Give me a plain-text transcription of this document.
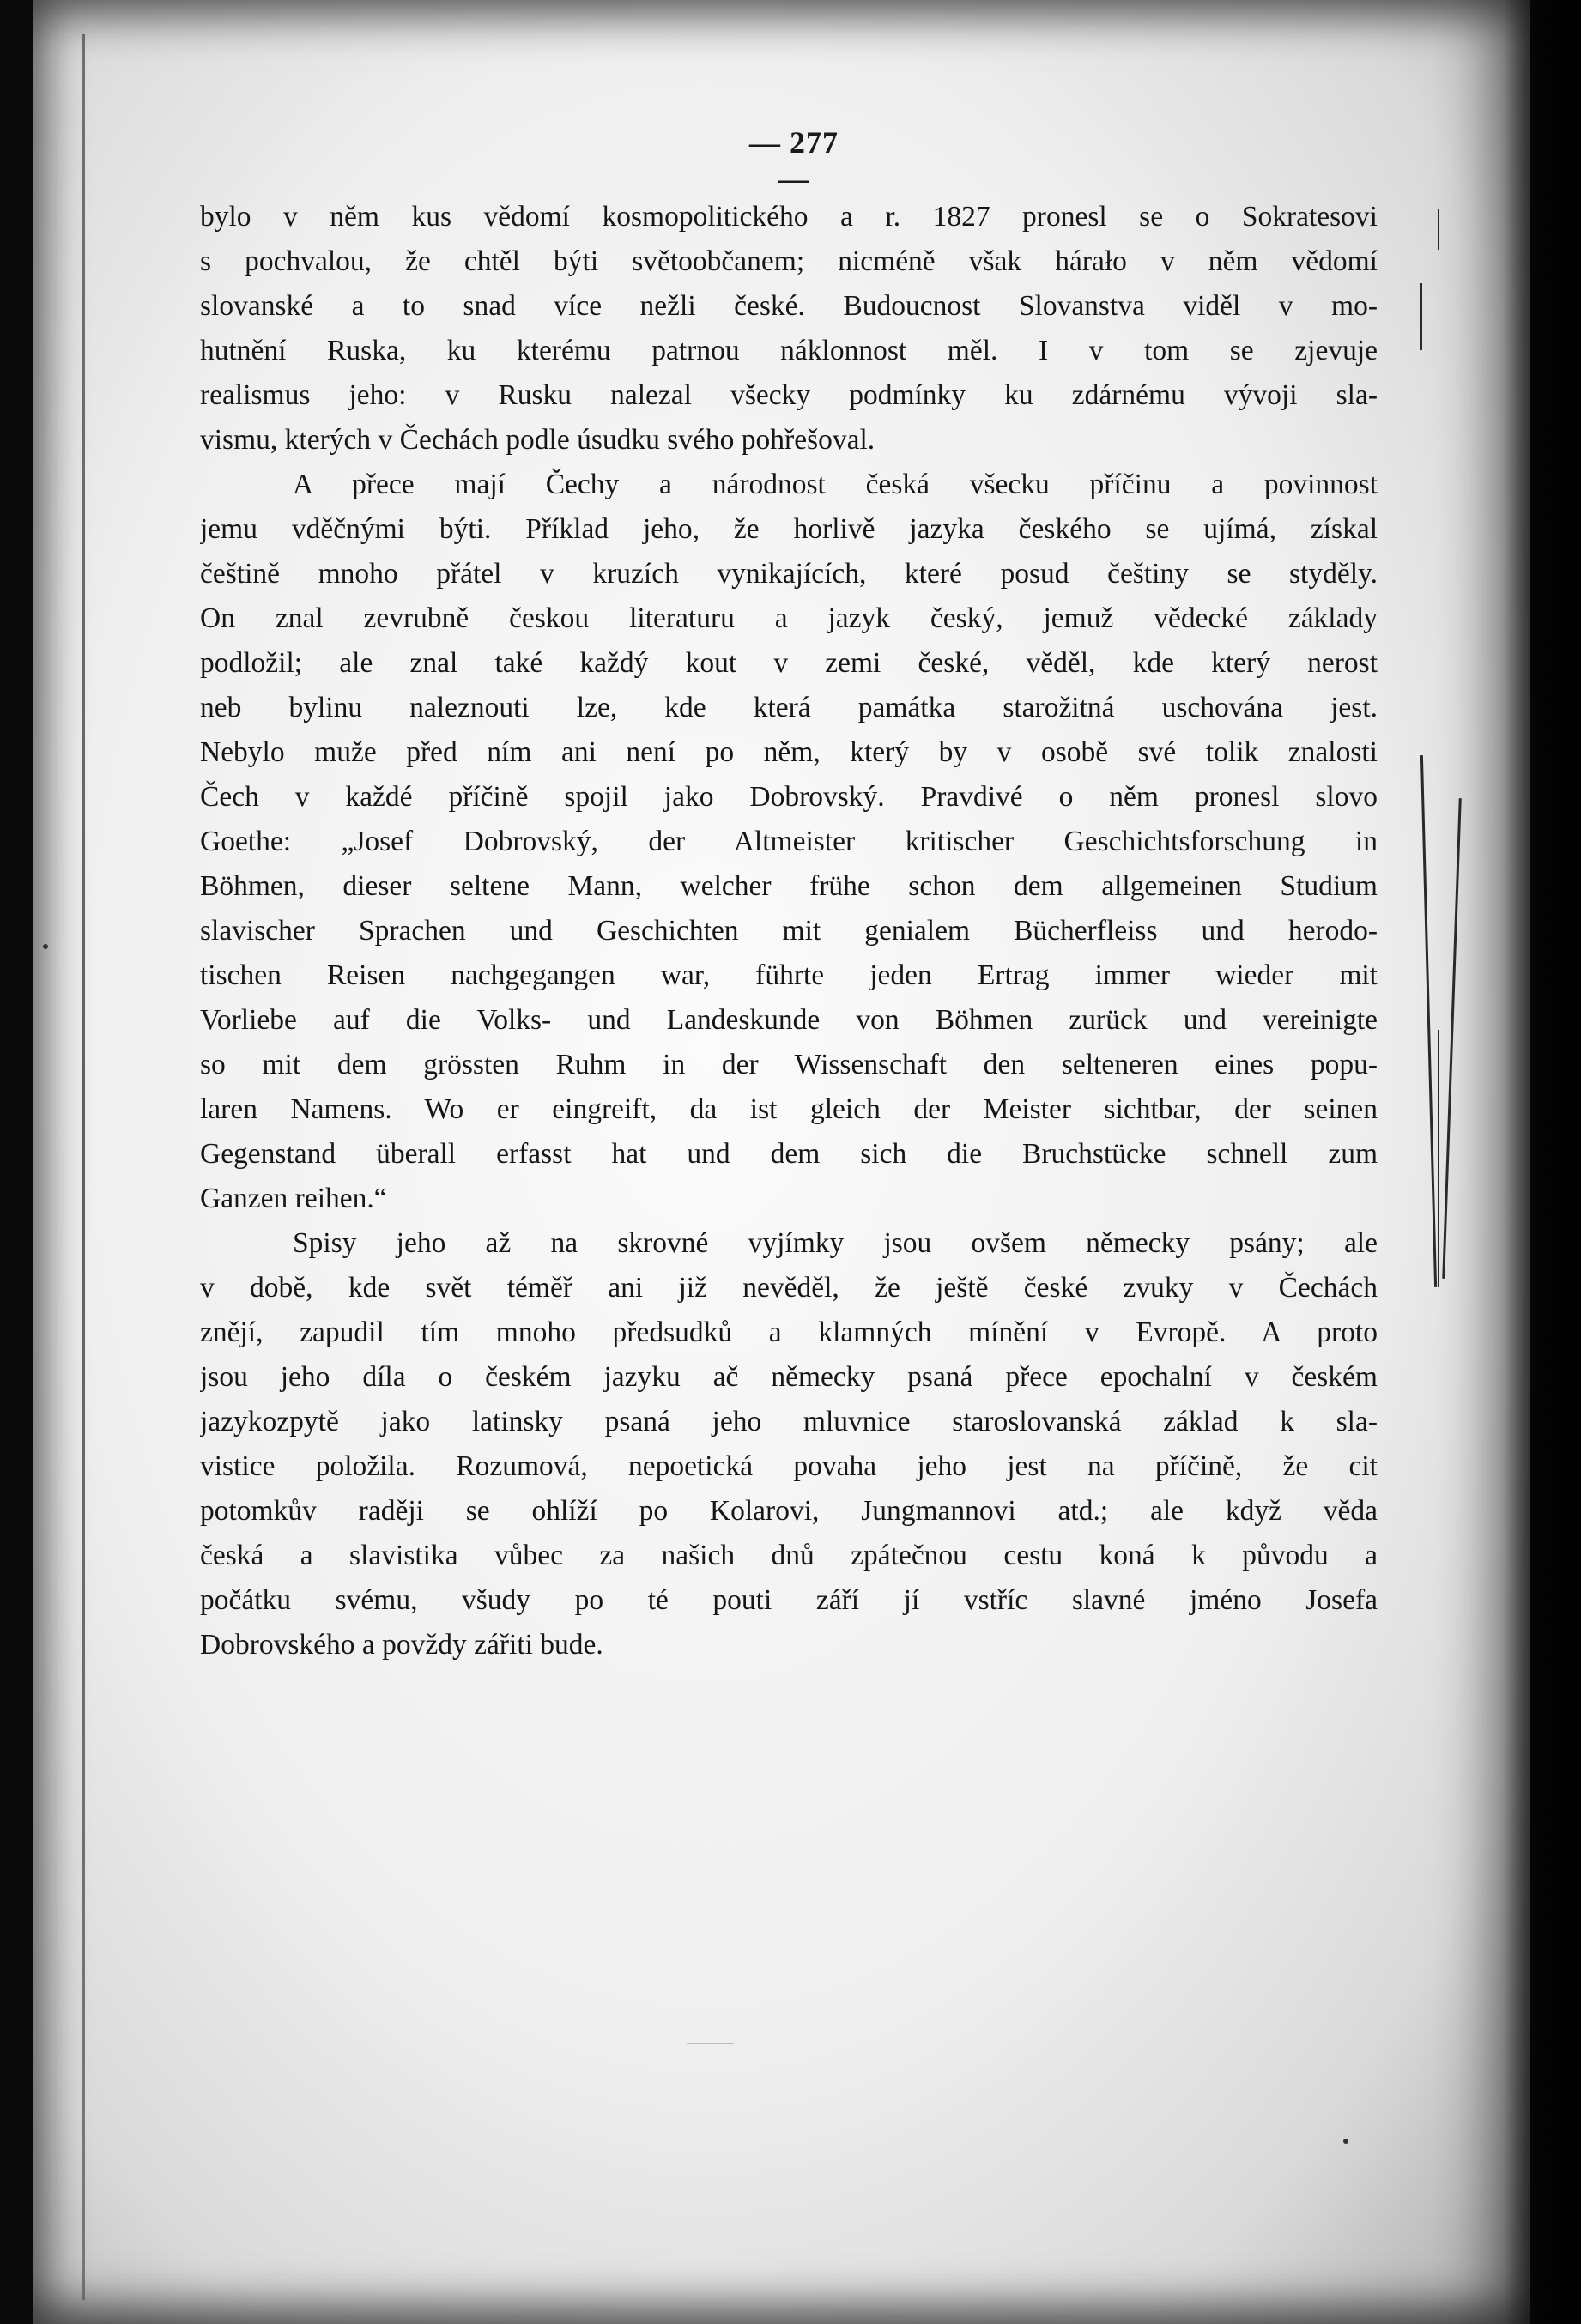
— 277 —
bylo v něm kus vědomí kosmopolitického a r. 1827 pronesl se o Sokratesovi
s pochvalou, že chtěl býti světoobčanem; nicméně však hárało v něm vědomí
slovanské a to snad více nežli české. Budoucnost Slovanstva viděl v mo-
hutnění Ruska, ku kterému patrnou náklonnost měl. I v tom se zjevuje
realismus jeho: v Rusku nalezal všecky podmínky ku zdárnému vývoji sla-
vismu, kterých v Čechách podle úsudku svého pohřešoval.
A přece mají Čechy a národnost česká všecku příčinu a povinnost
jemu vděčnými býti. Příklad jeho, že horlivě jazyka českého se ujímá, získal
češtině mnoho přátel v kruzích vynikajících, které posud češtiny se styděly.
On znal zevrubně českou literaturu a jazyk český, jemuž vědecké základy
podložil; ale znal také každý kout v zemi české, věděl, kde který nerost
neb bylinu naleznouti lze, kde která památka starožitná uschována jest.
Nebylo muže před ním ani není po něm, který by v osobě své tolik znalosti
Čech v každé příčině spojil jako Dobrovský. Pravdivé o něm pronesl slovo
Goethe: „Josef Dobrovský, der Altmeister kritischer Geschichtsforschung in
Böhmen, dieser seltene Mann, welcher frühe schon dem allgemeinen Studium
slavischer Sprachen und Geschichten mit genialem Bücherfleiss und herodo-
tischen Reisen nachgegangen war, führte jeden Ertrag immer wieder mit
Vorliebe auf die Volks- und Landeskunde von Böhmen zurück und vereinigte
so mit dem grössten Ruhm in der Wissenschaft den selteneren eines popu-
laren Namens. Wo er eingreift, da ist gleich der Meister sichtbar, der seinen
Gegenstand überall erfasst hat und dem sich die Bruchstücke schnell zum
Ganzen reihen.“
Spisy jeho až na skrovné vyjímky jsou ovšem německy psány; ale
v době, kde svět téměř ani již nevěděl, že ještě české zvuky v Čechách
znějí, zapudil tím mnoho předsudků a klamných mínění v Evropě. A proto
jsou jeho díla o českém jazyku ač německy psaná přece epochalní v českém
jazykozpytě jako latinsky psaná jeho mluvnice staroslovanská základ k sla-
vistice položila. Rozumová, nepoetická povaha jeho jest na příčině, že cit
potomkův raději se ohlíží po Kolarovi, Jungmannovi atd.; ale když věda
česká a slavistika vůbec za našich dnů zpátečnou cestu koná k původu a
počátku svému, všudy po té pouti září jí vstříc slavné jméno Josefa
Dobrovského a povždy zářiti bude.
